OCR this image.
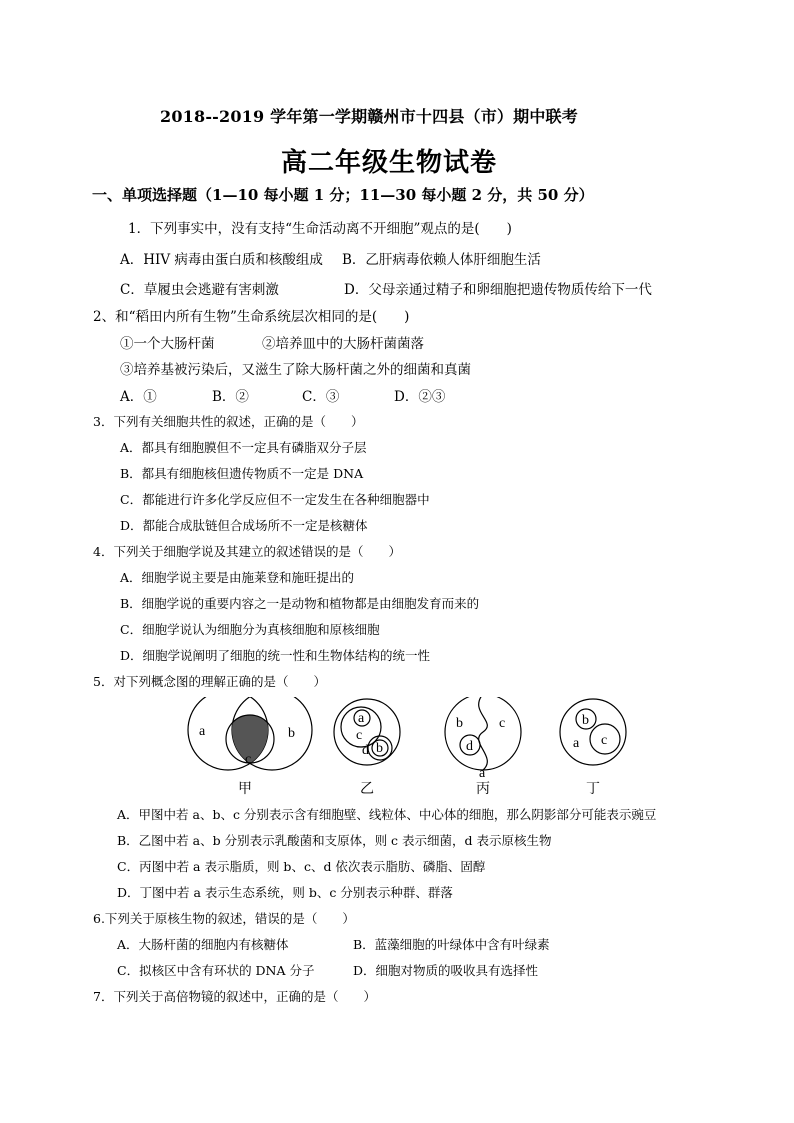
2018--2019 学年第一学期赣州市十四县（市）期中联考
高二年级生物试卷
一、单项选择题（1—10 每小题 1 分；11—30 每小题 2 分，共 50 分）
1．下列事实中，没有支持“生命活动离不开细胞”观点的是(　　)
A．HIV 病毒由蛋白质和核酸组成 B．乙肝病毒依赖人体肝细胞生活
C．草履虫会逃避有害刺激	D．父母亲通过精子和卵细胞把遗传物质传给下一代
2、和“稻田内所有生物”生命系统层次相同的是(　　)
①一个大肠杆菌	②培养皿中的大肠杆菌菌落
③培养基被污染后，又滋生了除大肠杆菌之外的细菌和真菌
A．①	B．②	C．③	D．②③
3．下列有关细胞共性的叙述，正确的是（　　）
A．都具有细胞膜但不一定具有磷脂双分子层
B．都具有细胞核但遗传物质不一定是 DNA
C．都能进行许多化学反应但不一定发生在各种细胞器中
D．都能合成肽链但合成场所不一定是核糖体
4．下列关于细胞学说及其建立的叙述错误的是（　　）
A．细胞学说主要是由施莱登和施旺提出的
B．细胞学说的重要内容之一是动物和植物都是由细胞发育而来的
C．细胞学说认为细胞分为真核细胞和原核细胞
D．细胞学说阐明了细胞的统一性和生物体结构的统一性
5．对下列概念图的理解正确的是（　　）
a	b
c
甲
a
c
d b
乙
b	c
d
a
丙
b
a c
丁
A．甲图中若 a、b、c 分别表示含有细胞壁、线粒体、中心体的细胞，那么阴影部分可能表示豌豆
B．乙图中若 a、b 分别表示乳酸菌和支原体，则 c 表示细菌，d 表示原核生物
C．丙图中若 a 表示脂质，则 b、c、d 依次表示脂肪、磷脂、固醇
D．丁图中若 a 表示生态系统，则 b、c 分别表示种群、群落
6.下列关于原核生物的叙述，错误的是（　　）
A．大肠杆菌的细胞内有核糖体	B．蓝藻细胞的叶绿体中含有叶绿素
C．拟核区中含有环状的 DNA 分子	D．细胞对物质的吸收具有选择性
7．下列关于高倍物镜的叙述中，正确的是（　　）
